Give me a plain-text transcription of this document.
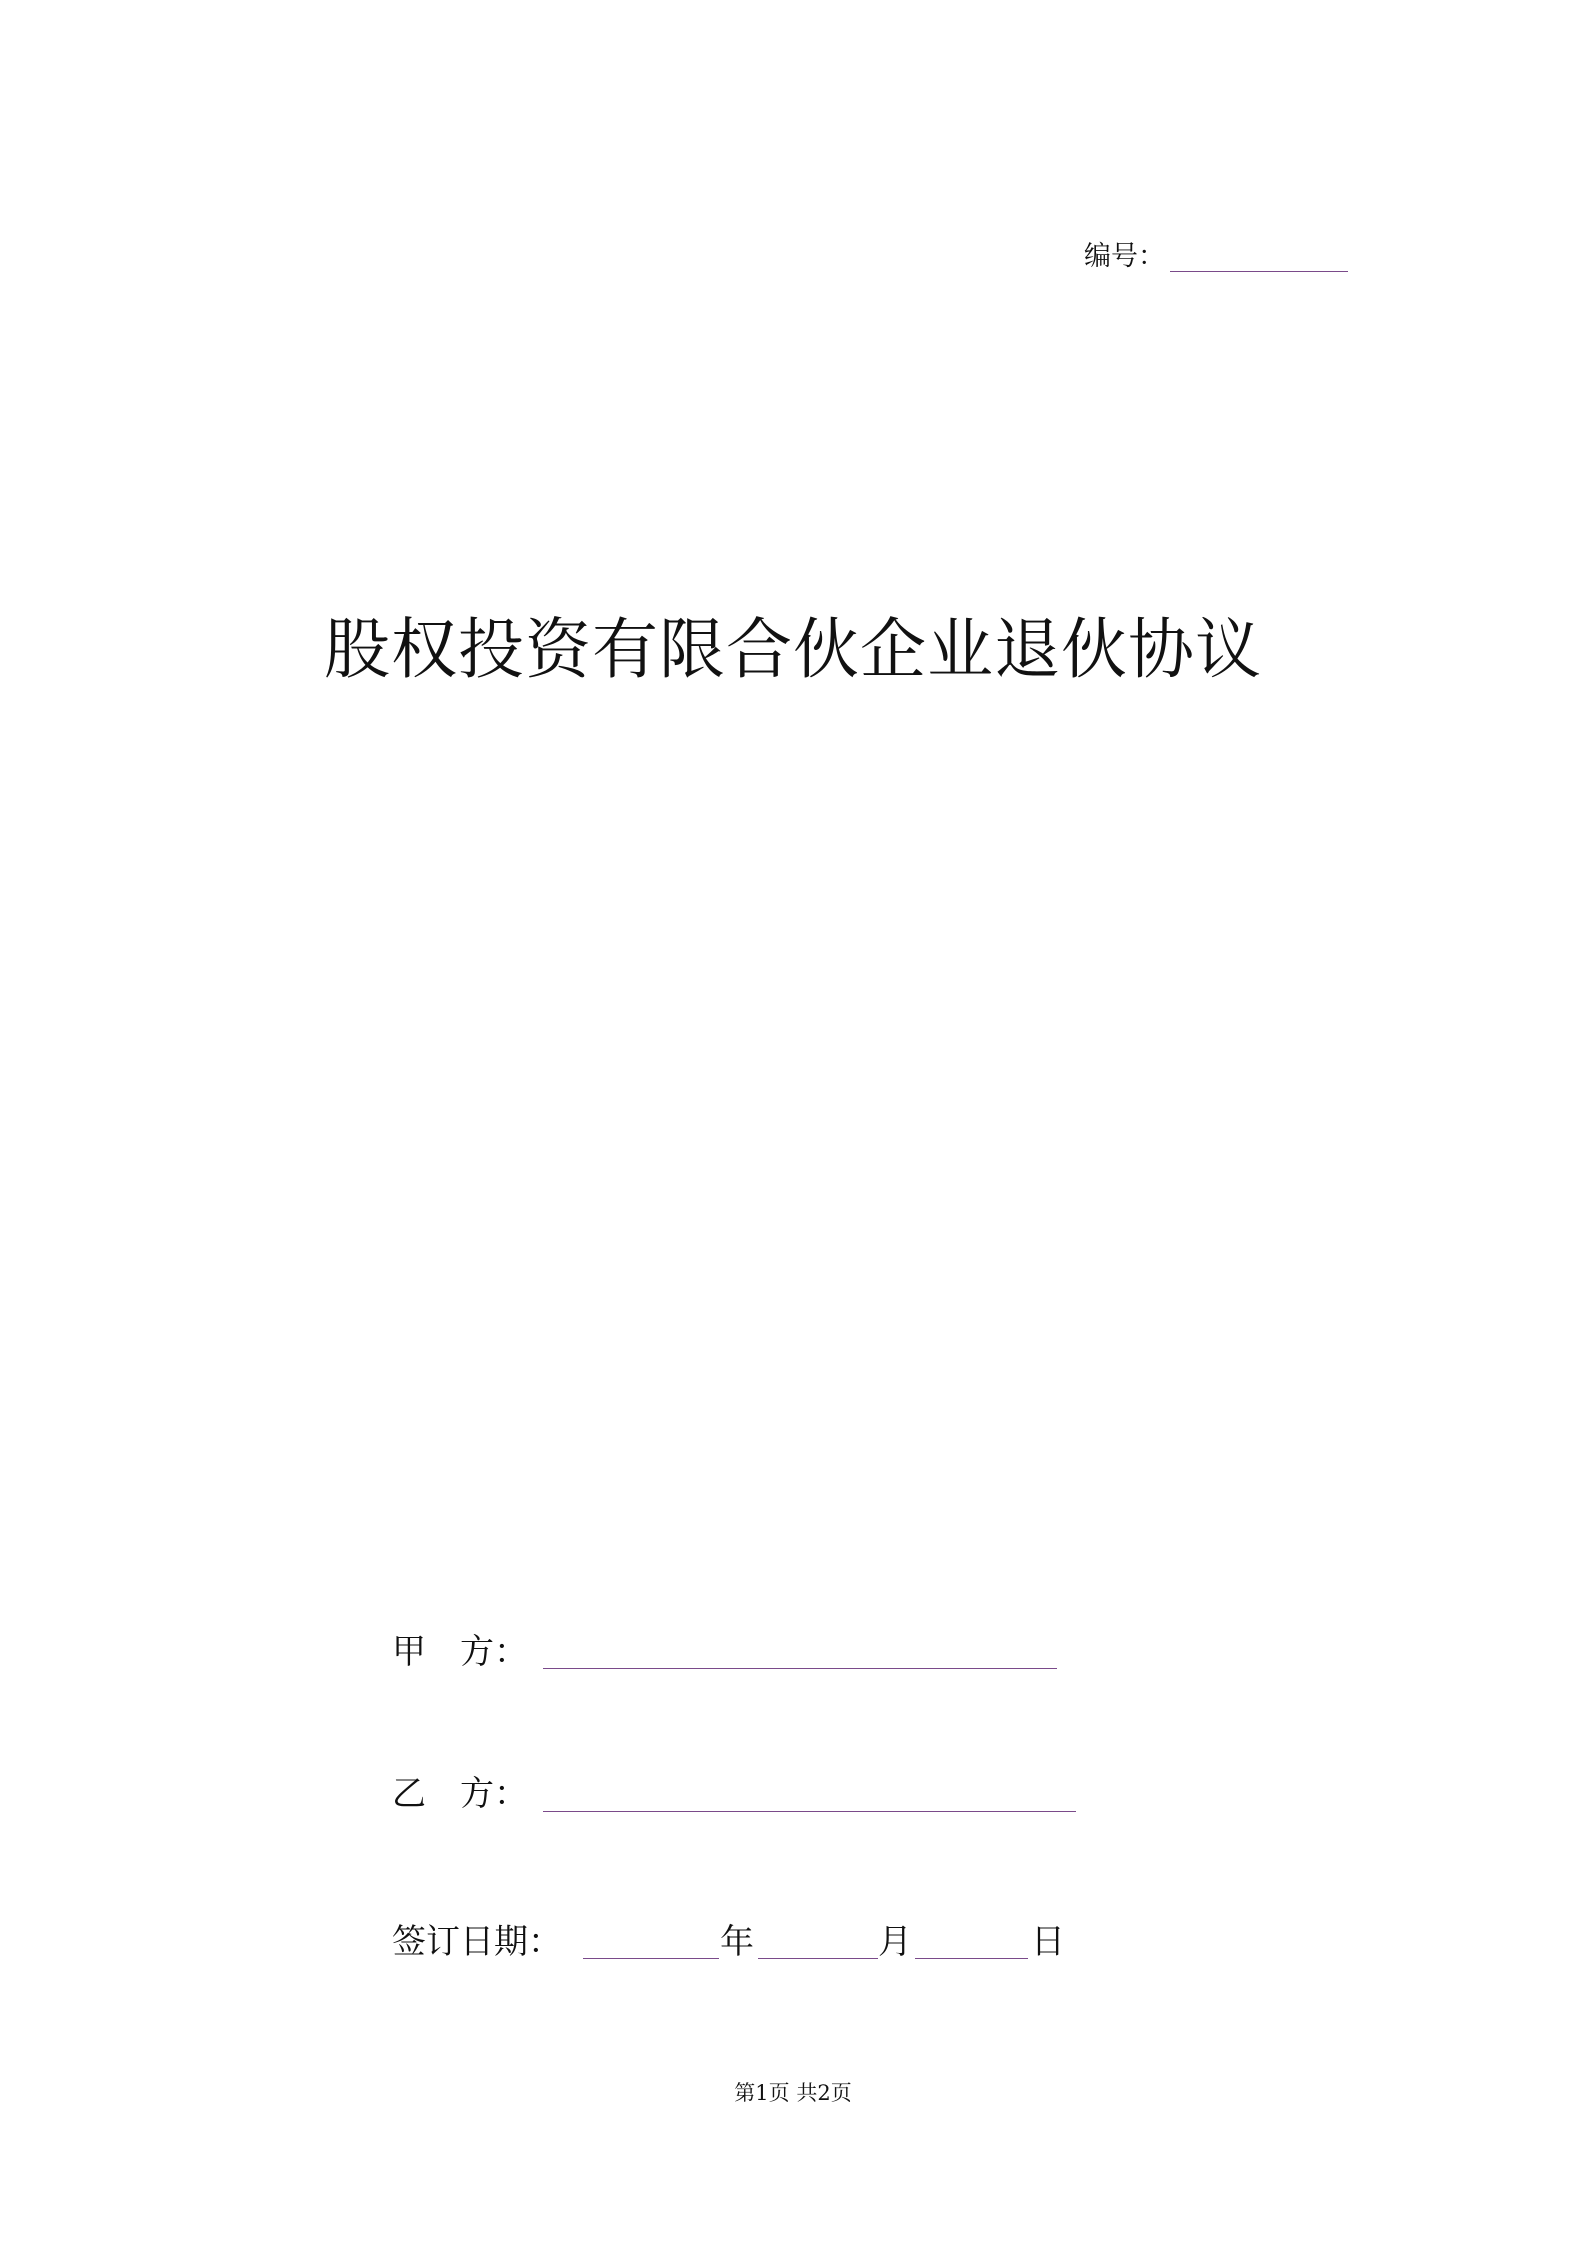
编号：
股权投资有限合伙企业退伙协议
甲　方：
乙　方：
签订日期：	年	月	日
第1页 共2页
